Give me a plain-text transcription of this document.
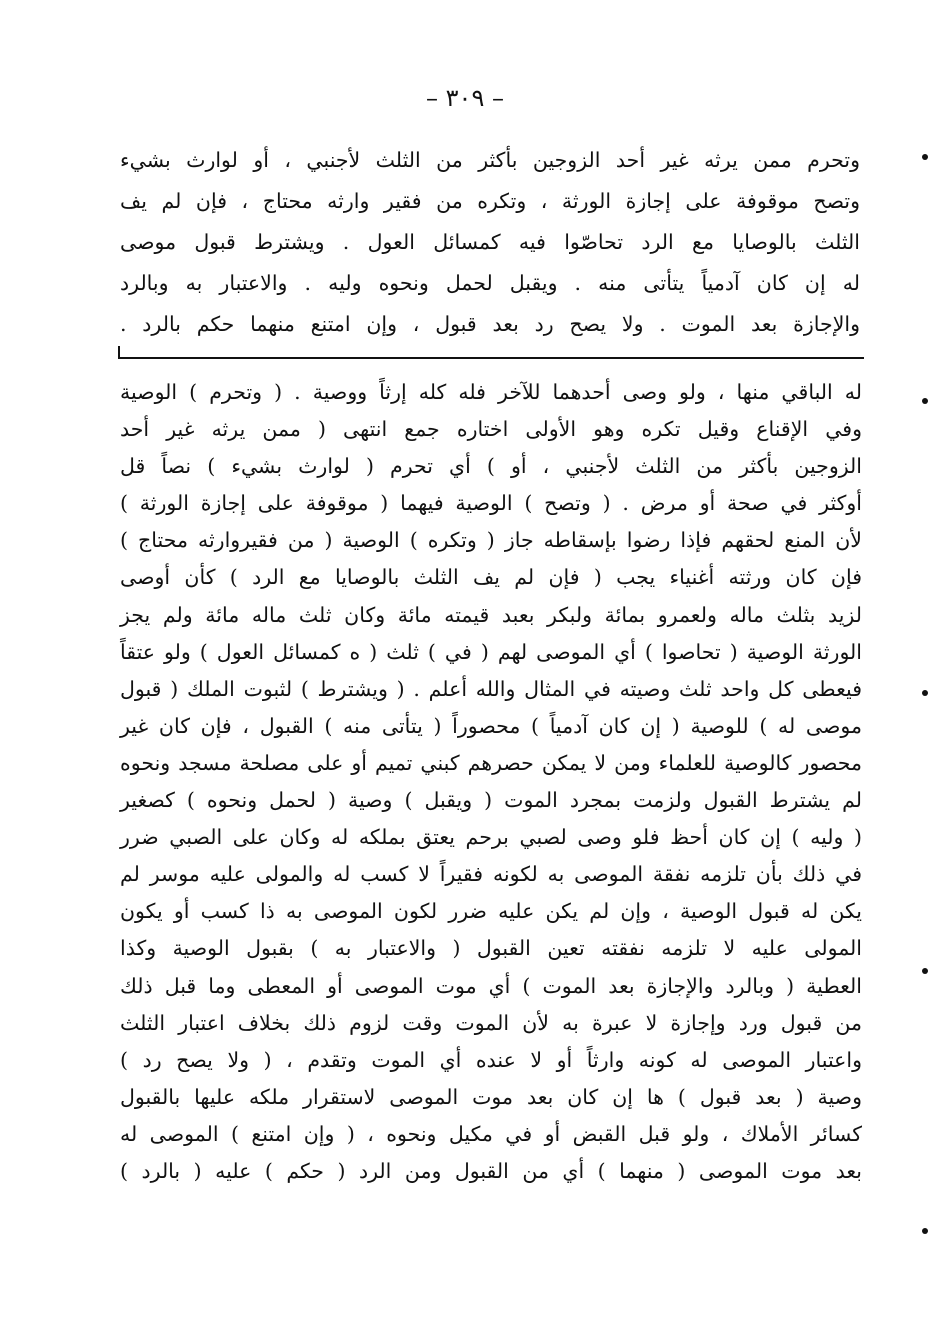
– ٣٠٩ –
وتحرم ممن يرثه غير أحد الزوجين بأكثر من الثلث لأجنبي ، أو لوارث بشيء
وتصح موقوفة على إجازة الورثة ، وتكره من فقير وارثه محتاج ، فإن لم يف
الثلث بالوصايا مع الرد تحاصّوا فيه كمسائل العول . ويشترط قبول موصى
له إن كان آدمياً يتأتى منه . ويقبل لحمل ونحوه وليه . والاعتبار به وبالرد
والإجازة بعد الموت . ولا يصح رد بعد قبول ، وإن امتنع منهما حكم بالرد .
له الباقي منها ، ولو وصى أحدهما للآخر فله كله إرثاً ووصية . ( وتحرم ) الوصية
وفي الإقناع وقيل تكره وهو الأولى اختاره جمع انتهى ( ممن يرثه غير أحد
الزوجين بأكثر من الثلث لأجنبي ، أو ) أي تحرم ( لوارث بشيء ) نصاً قل
أوكثر في صحة أو مرض . ( وتصح ) الوصية فيهما ( موقوفة على إجازة الورثة )
لأن المنع لحقهم فإذا رضوا بإسقاطه جاز ( وتكره ) الوصية ( من فقيروارثه محتاج )
فإن كان ورثته أغنياء يجب ( فإن لم يف الثلث بالوصايا مع الرد ) كأن أوصى
لزيد بثلث ماله ولعمرو بمائة ولبكر بعبد قيمته مائة وكان ثلث ماله مائة ولم يجز
الورثة الوصية ( تحاصوا ) أي الموصى لهم ( في ) ثلث ( ه كمسائل العول ) ولو عتقاً
فيعطى كل واحد ثلث وصيته في المثال والله أعلم . ( ويشترط ) لثبوت الملك ( قبول
موصى له ) للوصية ( إن كان آدمياً ) محصوراً ( يتأتى منه ) القبول ، فإن كان غير
محصور كالوصية للعلماء ومن لا يمكن حصرهم كبني تميم أو على مصلحة مسجد ونحوه
لم يشترط القبول ولزمت بمجرد الموت ( ويقبل ) وصية ( لحمل ونحوه ) كصغير
( وليه ) إن كان أحظ فلو وصى لصبي برحم يعتق بملكه له وكان على الصبي ضرر
في ذلك بأن تلزمه نفقة الموصى به لكونه فقيراً لا كسب له والمولى عليه موسر لم
يكن له قبول الوصية ، وإن لم يكن عليه ضرر لكون الموصى به ذا كسب أو يكون
المولى عليه لا تلزمه نفقته تعين القبول ( والاعتبار به ) بقبول الوصية وكذا
العطية ( وبالرد والإجازة بعد الموت ) أي موت الموصى أو المعطى وما قبل ذلك
من قبول ورد وإجازة لا عبرة به لأن الموت وقت لزوم ذلك بخلاف اعتبار الثلث
واعتبار الموصى له كونه وارثاً أو لا عنده أي الموت وتقدم ، ( ولا يصح رد )
وصية ( بعد قبول ) ها إن كان بعد موت الموصى لاستقرار ملكه عليها بالقبول
كسائر الأملاك ، ولو قبل القبض أو في مكيل ونحوه ، ( وإن امتنع ) الموصى له
بعد موت الموصى ( منهما ) أي من القبول ومن الرد ( حكم ) عليه ( بالرد )
